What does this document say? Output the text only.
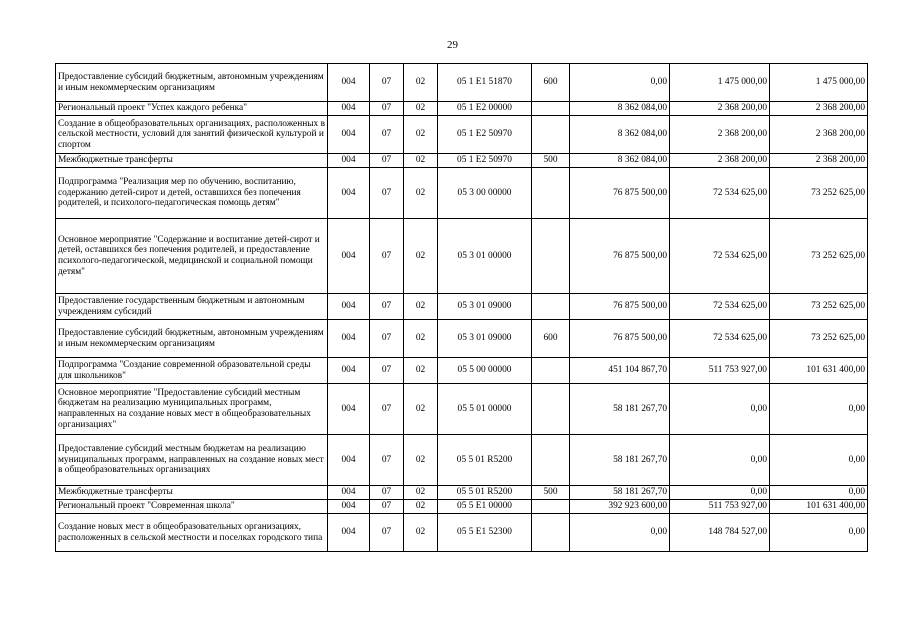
29
Предоставление субсидий бюджетным, автономным учреждениям и иным некоммерческим организациям	004	07	02	05 1 E1 51870	600	0,00	1 475 000,00	1 475 000,00
Региональный проект "Успех каждого ребенка"	004	07	02	05 1 E2 00000		8 362 084,00	2 368 200,00	2 368 200,00
Создание в общеобразовательных организациях, расположенных в сельской местности, условий для занятий физической культурой и спортом	004	07	02	05 1 E2 50970		8 362 084,00	2 368 200,00	2 368 200,00
Межбюджетные трансферты	004	07	02	05 1 E2 50970	500	8 362 084,00	2 368 200,00	2 368 200,00
Подпрограмма "Реализация мер по обучению, воспитанию, содержанию детей-сирот и детей, оставшихся без попечения родителей, и психолого-педагогическая помощь детям"	004	07	02	05 3 00 00000		76 875 500,00	72 534 625,00	73 252 625,00
Основное мероприятие "Содержание и воспитание детей-сирот и детей, оставшихся без попечения родителей, и предоставление психолого-педагогической, медицинской и социальной помощи детям"	004	07	02	05 3 01 00000		76 875 500,00	72 534 625,00	73 252 625,00
Предоставление государственным бюджетным и автономным учреждениям субсидий	004	07	02	05 3 01 09000		76 875 500,00	72 534 625,00	73 252 625,00
Предоставление субсидий бюджетным, автономным учреждениям и иным некоммерческим организациям	004	07	02	05 3 01 09000	600	76 875 500,00	72 534 625,00	73 252 625,00
Подпрограмма "Создание современной образовательной среды для школьников"	004	07	02	05 5 00 00000		451 104 867,70	511 753 927,00	101 631 400,00
Основное мероприятие "Предоставление субсидий местным бюджетам на реализацию муниципальных программ, направленных на создание новых мест в общеобразовательных организациях"	004	07	02	05 5 01 00000		58 181 267,70	0,00	0,00
Предоставление субсидий местным бюджетам на реализацию муниципальных программ, направленных на создание новых мест в общеобразовательных организациях	004	07	02	05 5 01 R5200		58 181 267,70	0,00	0,00
Межбюджетные трансферты	004	07	02	05 5 01 R5200	500	58 181 267,70	0,00	0,00
Региональный проект "Современная школа"	004	07	02	05 5 E1 00000		392 923 600,00	511 753 927,00	101 631 400,00
Создание новых мест в общеобразовательных организациях, расположенных в сельской местности и поселках городского типа	004	07	02	05 5 E1 52300		0,00	148 784 527,00	0,00
